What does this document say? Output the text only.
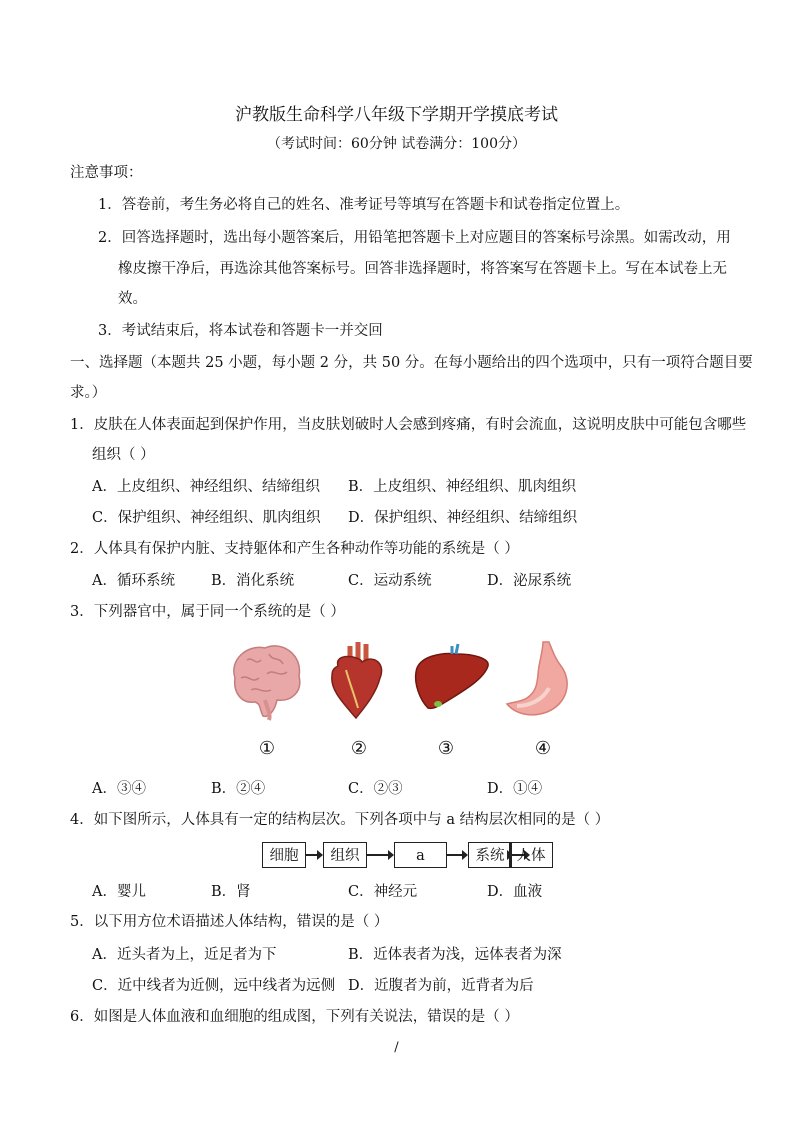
沪教版生命科学八年级下学期开学摸底考试
（考试时间：60分钟 试卷满分：100分）
注意事项：
1．答卷前，考生务必将自己的姓名、准考证号等填写在答题卡和试卷指定位置上。
2．回答选择题时，选出每小题答案后，用铅笔把答题卡上对应题目的答案标号涂黑。如需改动，用
橡皮擦干净后，再选涂其他答案标号。回答非选择题时，将答案写在答题卡上。写在本试卷上无
效。
3．考试结束后，将本试卷和答题卡一并交回
一、选择题（本题共 25 小题，每小题 2 分，共 50 分。在每小题给出的四个选项中，只有一项符合题目要
求。）
1．皮肤在人体表面起到保护作用，当皮肤划破时人会感到疼痛，有时会流血，这说明皮肤中可能包含哪些
组织（ ）
A．上皮组织、神经组织、结缔组织 B．上皮组织、神经组织、肌肉组织
C．保护组织、神经组织、肌肉组织 D．保护组织、神经组织、结缔组织
2．人体具有保护内脏、支持躯体和产生各种动作等功能的系统是（ ）
A．循环系统 B．消化系统	C．运动系统	D．泌尿系统
3．下列器官中，属于同一个系统的是（ ）
①	②	③	④
A．③④	B．②④	C．②③	D．①④
4．如下图所示，人体具有一定的结构层次。下列各项中与 a 结构层次相同的是（ ）
细胞	组织	a	系统 人体
A．婴儿	B．肾	C．神经元	D．血液
5．以下用方位术语描述人体结构，错误的是（ ）
A．近头者为上，近足者为下	B．近体表者为浅，远体表者为深
C．近中线者为近侧，远中线者为远侧 D．近腹者为前，近背者为后
6．如图是人体血液和血细胞的组成图，下列有关说法，错误的是（ ）
/
